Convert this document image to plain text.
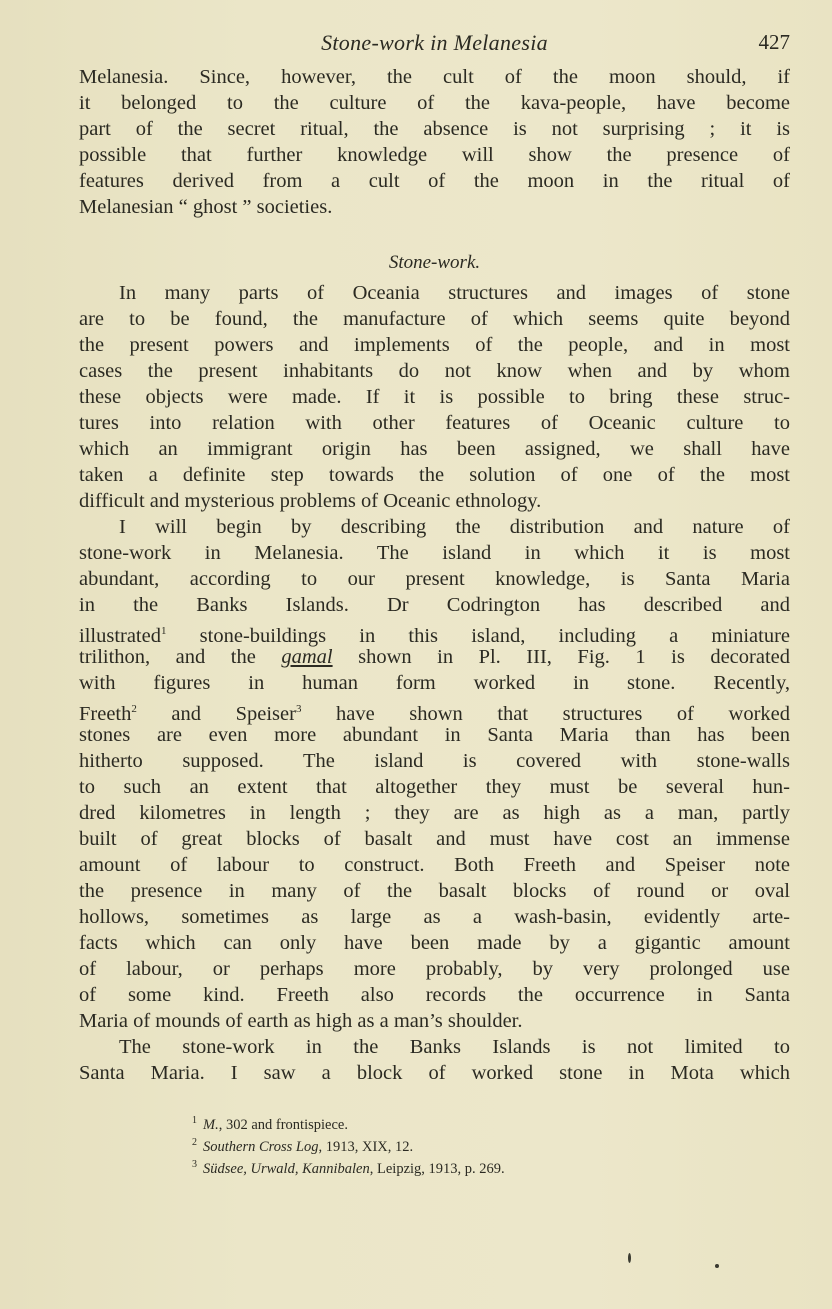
Stone-work in Melanesia	427
Melanesia. Since, however, the cult of the moon should, if
it belonged to the culture of the kava-people, have become
part of the secret ritual, the absence is not surprising ; it is
possible that further knowledge will show the presence of
features derived from a cult of the moon in the ritual of
Melanesian “ ghost ” societies.
Stone-work.
In many parts of Oceania structures and images of stone
are to be found, the manufacture of which seems quite beyond
the present powers and implements of the people, and in most
cases the present inhabitants do not know when and by whom
these objects were made. If it is possible to bring these struc-
tures into relation with other features of Oceanic culture to
which an immigrant origin has been assigned, we shall have
taken a definite step towards the solution of one of the most
difficult and mysterious problems of Oceanic ethnology.
I will begin by describing the distribution and nature of
stone-work in Melanesia. The island in which it is most
abundant, according to our present knowledge, is Santa Maria
in the Banks Islands. Dr Codrington has described and
illustrated$^1$ stone-buildings in this island, including a miniature
trilithon, and the gamal shown in Pl. III, Fig. 1 is decorated
with figures in human form worked in stone. Recently,
Freeth$^2$ and Speiser$^3$ have shown that structures of worked
stones are even more abundant in Santa Maria than has been
hitherto supposed. The island is covered with stone-walls
to such an extent that altogether they must be several hun-
dred kilometres in length ; they are as high as a man, partly
built of great blocks of basalt and must have cost an immense
amount of labour to construct. Both Freeth and Speiser note
the presence in many of the basalt blocks of round or oval
hollows, sometimes as large as a wash-basin, evidently arte-
facts which can only have been made by a gigantic amount
of labour, or perhaps more probably, by very prolonged use
of some kind. Freeth also records the occurrence in Santa
Maria of mounds of earth as high as a man’s shoulder.
The stone-work in the Banks Islands is not limited to
Santa Maria. I saw a block of worked stone in Mota which
$^1$ M., 302 and frontispiece.
$^2$ Southern Cross Log, 1913, XIX, 12.
$^3$ Südsee, Urwald, Kannibalen, Leipzig, 1913, p. 269.
